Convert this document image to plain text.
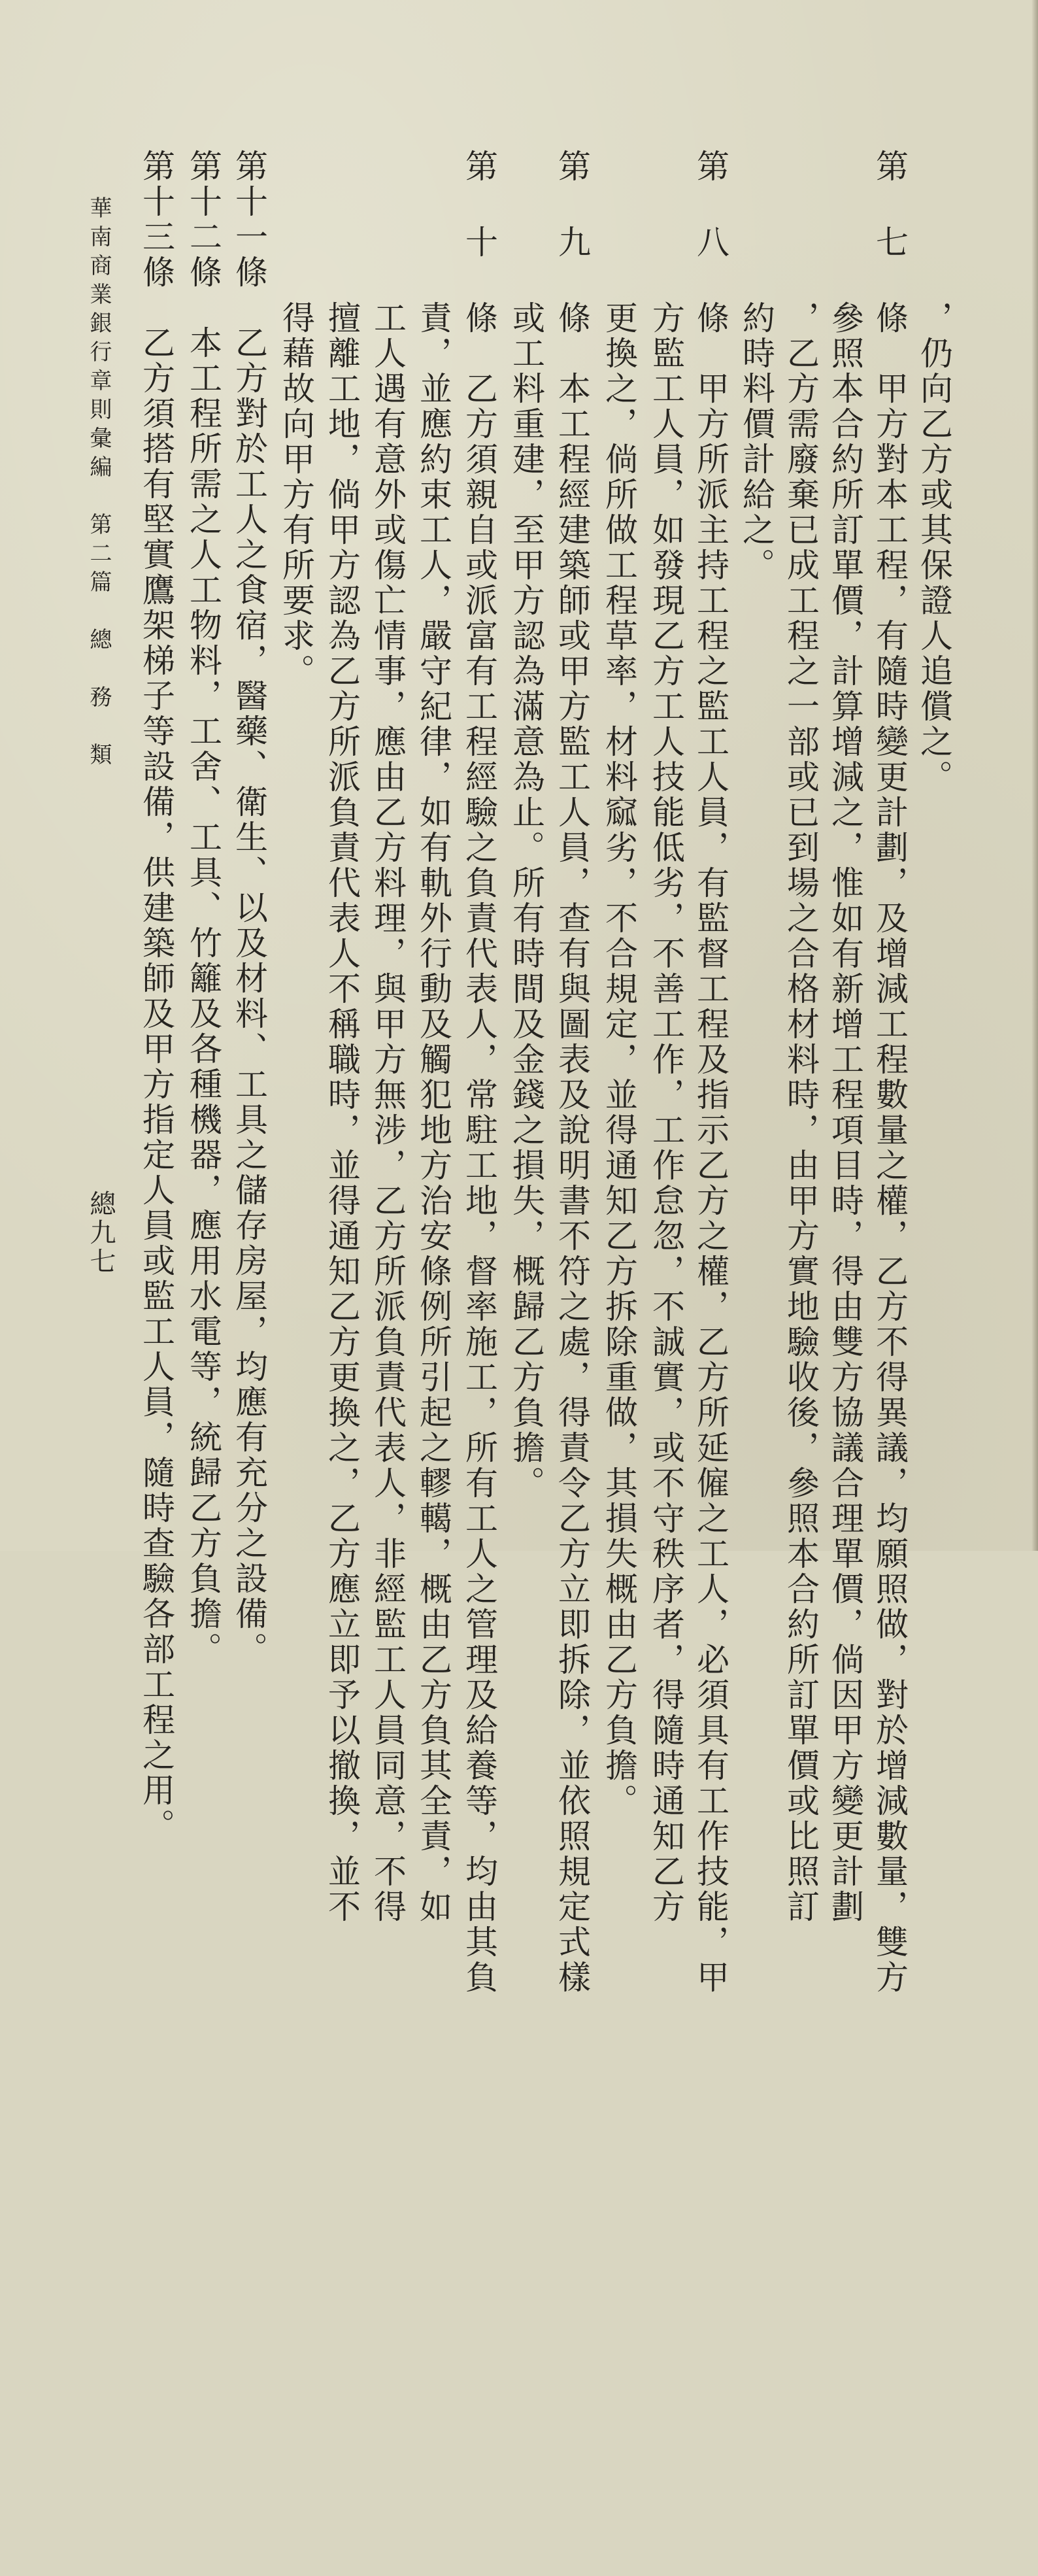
，仍向乙方或其保證人追償之。
第 七 條　甲方對本工程，有隨時變更計劃，及增減工程數量之權，乙方不得異議，均願照做，對於增減數量，雙方
參照本合約所訂單價，計算增減之，惟如有新增工程項目時，得由雙方協議合理單價，倘因甲方變更計劃
，乙方需廢棄已成工程之一部或已到場之合格材料時，由甲方實地驗收後，參照本合約所訂單價或比照訂
約時料價計給之。
第 八 條　甲方所派主持工程之監工人員，有監督工程及指示乙方之權，乙方所延僱之工人，必須具有工作技能，甲
方監工人員，如發現乙方工人技能低劣，不善工作，工作怠忽，不誠實，或不守秩序者，得隨時通知乙方
更換之，倘所做工程草率，材料窳劣，不合規定，並得通知乙方拆除重做，其損失概由乙方負擔。
第 九 條　本工程經建築師或甲方監工人員，查有與圖表及說明書不符之處，得責令乙方立即拆除，並依照規定式樣
或工料重建，至甲方認為滿意為止。所有時間及金錢之損失，概歸乙方負擔。
第 十 條　乙方須親自或派富有工程經驗之負責代表人，常駐工地，督率施工，所有工人之管理及給養等，均由其負
責，並應約束工人，嚴守紀律，如有軌外行動及觸犯地方治安條例所引起之轇轕，概由乙方負其全責，如
工人遇有意外或傷亡情事，應由乙方料理，與甲方無涉，乙方所派負責代表人，非經監工人員同意，不得
擅離工地，倘甲方認為乙方所派負責代表人不稱職時，並得通知乙方更換之，乙方應立即予以撤換，並不
得藉故向甲方有所要求。
第十一條　乙方對於工人之食宿，醫藥、衛生、以及材料、工具之儲存房屋，均應有充分之設備。
第十二條　本工程所需之人工物料，工舍、工具、竹籬及各種機器，應用水電等，統歸乙方負擔。
第十三條　乙方須搭有堅實鷹架梯子等設備，供建築師及甲方指定人員或監工人員，隨時查驗各部工程之用。
華南商業銀行章則彙編　第二篇　總　務　類
總九七
